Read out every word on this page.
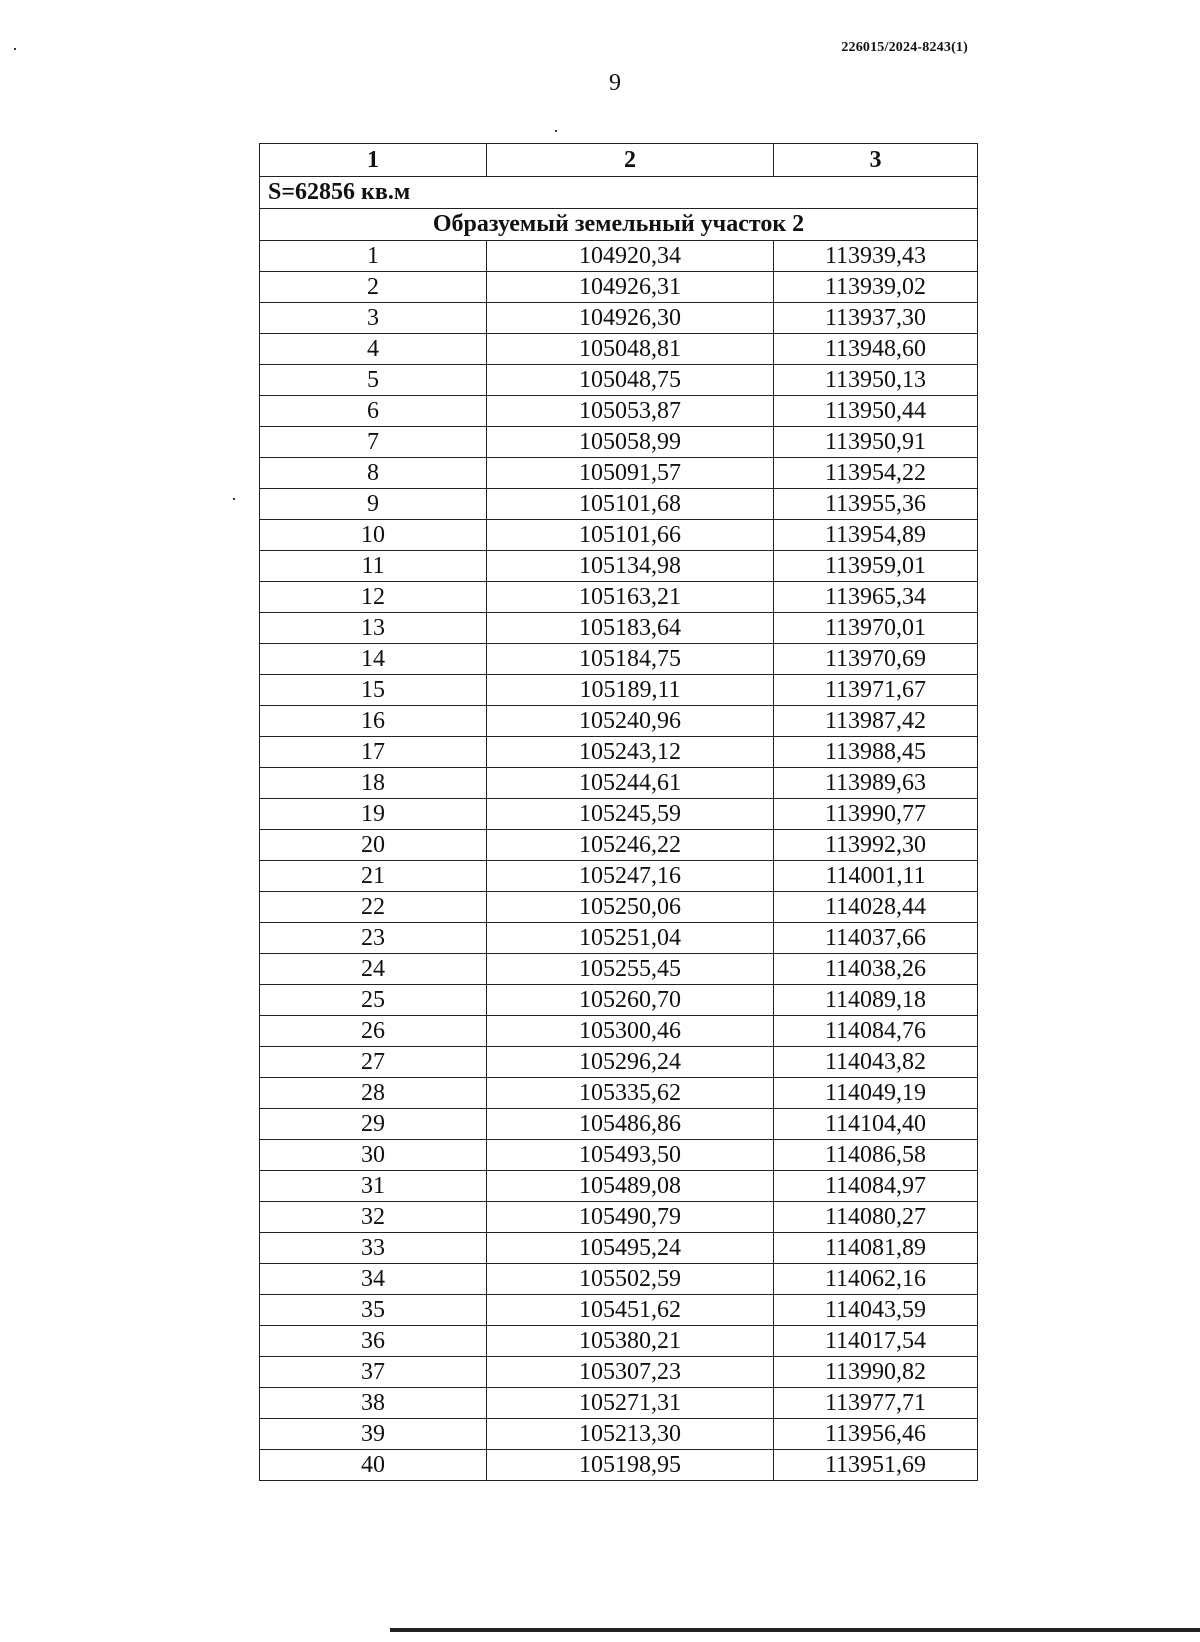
226015/2024-8243(1)
9
1	2	3
S=62856 кв.м		
Образуемый земельный участок 2		
1	104920,34	113939,43
2	104926,31	113939,02
3	104926,30	113937,30
4	105048,81	113948,60
5	105048,75	113950,13
6	105053,87	113950,44
7	105058,99	113950,91
8	105091,57	113954,22
9	105101,68	113955,36
10	105101,66	113954,89
11	105134,98	113959,01
12	105163,21	113965,34
13	105183,64	113970,01
14	105184,75	113970,69
15	105189,11	113971,67
16	105240,96	113987,42
17	105243,12	113988,45
18	105244,61	113989,63
19	105245,59	113990,77
20	105246,22	113992,30
21	105247,16	114001,11
22	105250,06	114028,44
23	105251,04	114037,66
24	105255,45	114038,26
25	105260,70	114089,18
26	105300,46	114084,76
27	105296,24	114043,82
28	105335,62	114049,19
29	105486,86	114104,40
30	105493,50	114086,58
31	105489,08	114084,97
32	105490,79	114080,27
33	105495,24	114081,89
34	105502,59	114062,16
35	105451,62	114043,59
36	105380,21	114017,54
37	105307,23	113990,82
38	105271,31	113977,71
39	105213,30	113956,46
40	105198,95	113951,69
